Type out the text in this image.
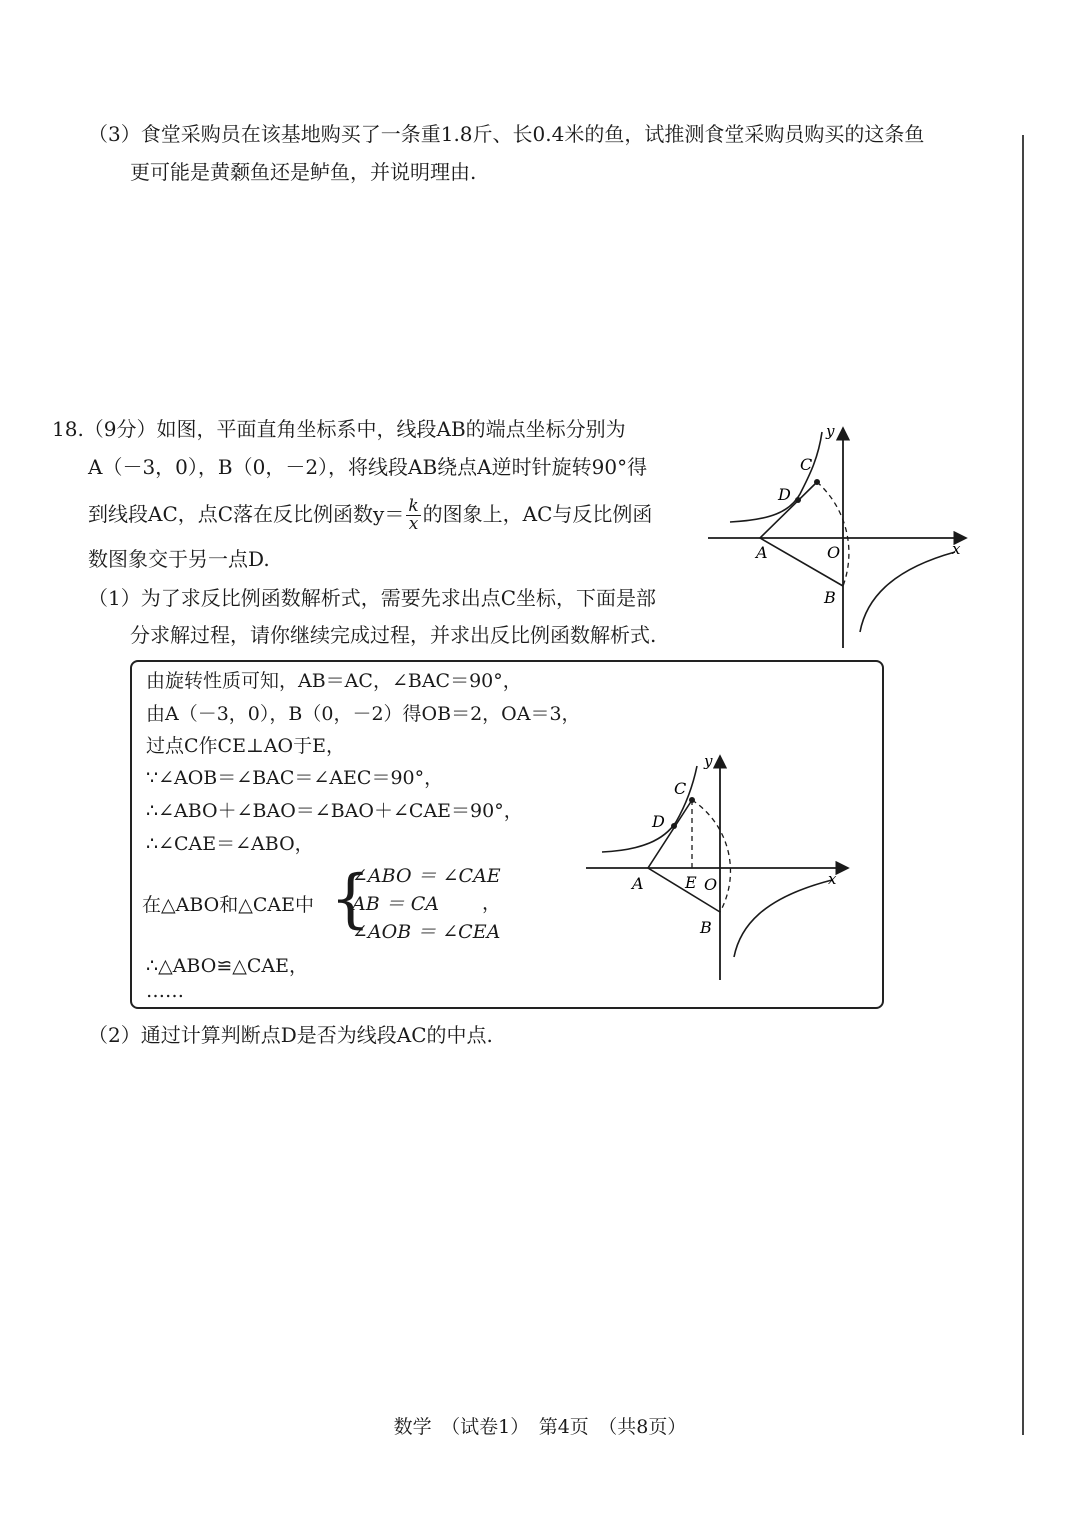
（3）食堂采购员在该基地购买了一条重1.8斤、长0.4米的鱼，试推测食堂采购员购买的这条鱼
更可能是黄颡鱼还是鲈鱼，并说明理由.
18.（9分）如图，平面直角坐标系中，线段AB的端点坐标分别为
A（－3，0），B（0，－2），将线段AB绕点A逆时针旋转90°得
到线段AC，点C落在反比例函数$y= \frac{k}{x}$ 的图象上，AC与反比例函
数图象交于另一点D.
（1）为了求反比例函数解析式，需要先求出点C坐标，下面是部
分求解过程，请你继续完成过程，并求出反比例函数解析式.
y
x
C
D
A	O
B
由旋转性质可知，AB＝AC，∠BAC＝90°，
由A（－3，0），B（0，－2）得OB＝2，OA＝3，
过点C作CE⊥AO于E，
∵∠AOB＝∠BAC＝∠AEC＝90°，
∴∠ABO＋∠BAO＝∠BAO＋∠CAE＝90°，
∴∠CAE＝∠ABO，
在△ABO和△CAE中 {
∠ABO ＝ ∠CAE
AB ＝ CA
∠AOB ＝ ∠CEA
，
∴△ABO≌△CAE，
……
y
x
C
D
A	E O
B
（2）通过计算判断点D是否为线段AC的中点.
数学　（试卷1）　第4页　（共8页）
